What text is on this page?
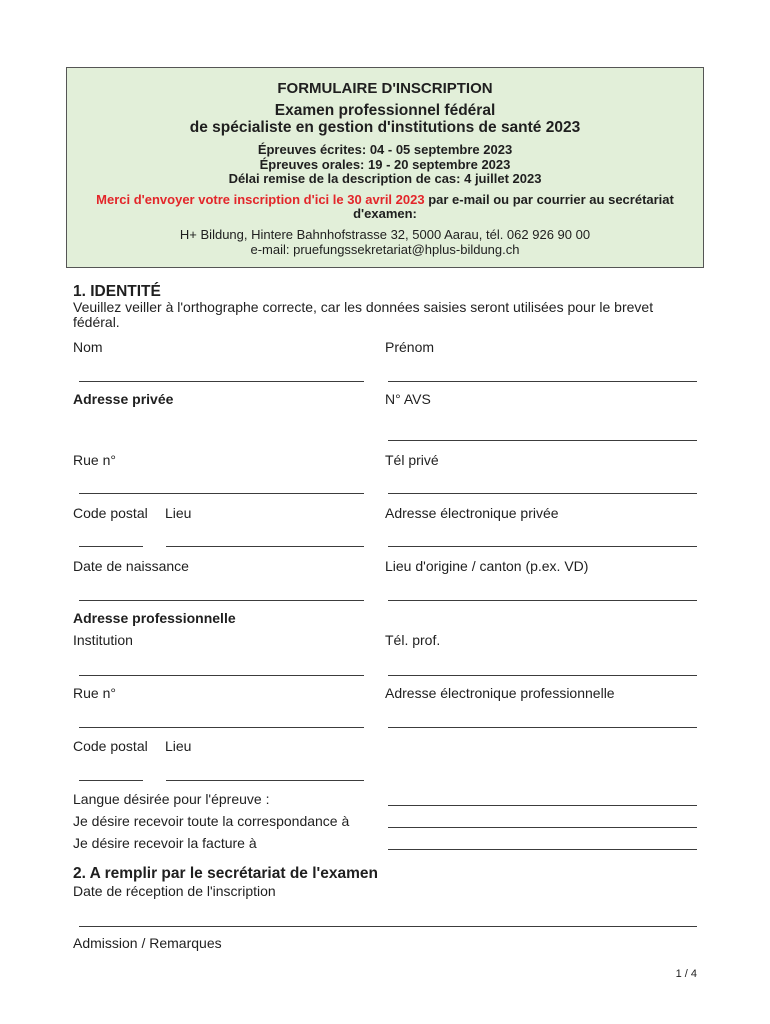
FORMULAIRE D'INSCRIPTION
Examen professionnel fédéral
de spécialiste en gestion d'institutions de santé 2023
Épreuves écrites: 04 - 05 septembre 2023
Épreuves orales: 19 - 20 septembre 2023
Délai remise de la description de cas: 4 juillet 2023
Merci d'envoyer votre inscription d'ici le 30 avril 2023 par e-mail ou par courrier au secrétariat
d'examen:
H+ Bildung, Hintere Bahnhofstrasse 32, 5000 Aarau, tél. 062 926 90 00
e-mail: pruefungssekretariat@hplus-bildung.ch
1. IDENTITÉ
Veuillez veiller à l'orthographe correcte, car les données saisies seront utilisées pour le brevet
fédéral.
Nom	Prénom
Adresse privée	N° AVS
Rue n°	Tél privé
Code postal Lieu	Adresse électronique privée
Date de naissance	Lieu d'origine / canton (p.ex. VD)
Adresse professionnelle
Institution	Tél. prof.
Rue n°	Adresse électronique professionnelle
Code postal Lieu
Langue désirée pour l'épreuve :
Je désire recevoir toute la correspondance à
Je désire recevoir la facture à
2. A remplir par le secrétariat de l'examen
Date de réception de l'inscription
Admission / Remarques
1 / 4
